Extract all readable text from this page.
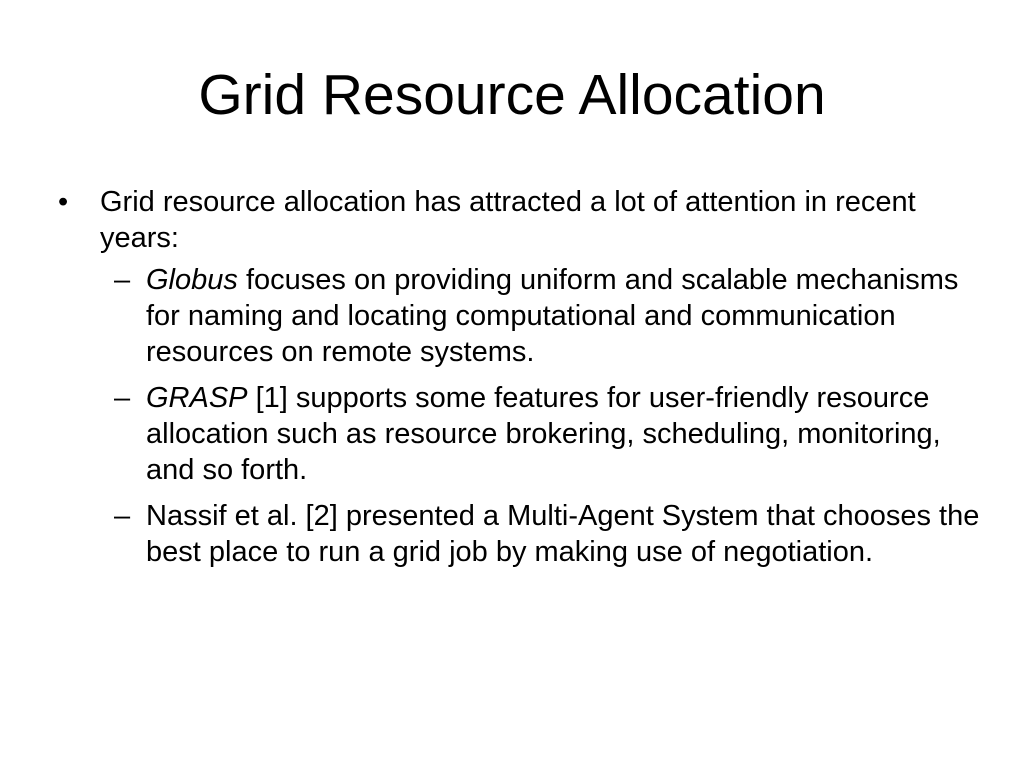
Grid Resource Allocation
• Grid resource allocation has attracted a lot of attention in recent years:
– Globus focuses on providing uniform and scalable mechanisms for naming and locating computational and communication resources on remote systems.
– GRASP [1] supports some features for user-friendly resource allocation such as resource brokering, scheduling, monitoring, and so forth.
– Nassif et al. [2] presented a Multi-Agent System that chooses the best place to run a grid job by making use of negotiation.
